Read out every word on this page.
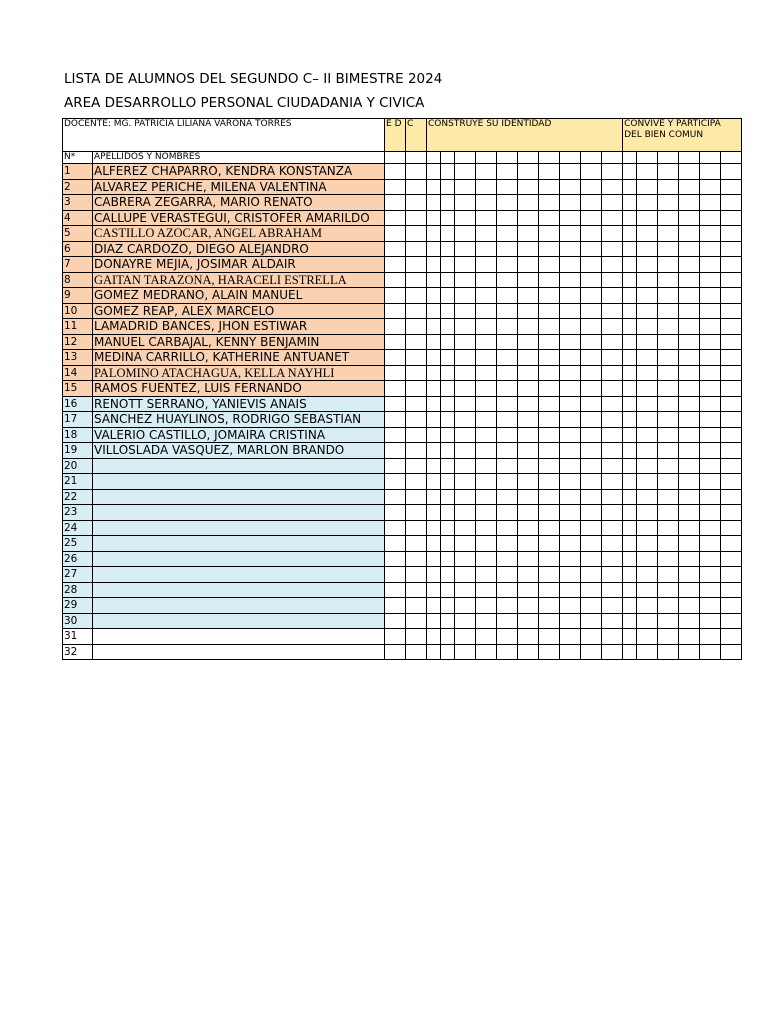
LISTA DE ALUMNOS DEL SEGUNDO C– II BIMESTRE 2024
AREA DESARROLLO PERSONAL CIUDADANIA Y CIVICA
DOCENTE: MG. PATRICIA LILIANA VARONA TORRES		E D	C	CONSTRUYE SU IDENTIDAD										CONVIVE Y PARTICIPA
DEL BIEN COMUN					
N*	APELLIDOS Y NOMBRES																		
1	ALFEREZ CHAPARRO, KENDRA KONSTANZA																		
2	ALVAREZ PERICHE, MILENA VALENTINA																		
3	CABRERA ZEGARRA, MARIO RENATO																		
4	CALLUPE VERASTEGUI, CRISTOFER AMARILDO																		
5	CASTILLO AZOCAR, ANGEL ABRAHAM																		
6	DIAZ CARDOZO, DIEGO ALEJANDRO																		
7	DONAYRE MEJIA, JOSIMAR ALDAIR																		
8	GAITAN TARAZONA, HARACELI ESTRELLA																		
9	GOMEZ MEDRANO, ALAIN MANUEL																		
10	GOMEZ REAP, ALEX MARCELO																		
11	LAMADRID BANCES, JHON ESTIWAR																		
12	MANUEL CARBAJAL, KENNY BENJAMIN																		
13	MEDINA CARRILLO, KATHERINE ANTUANET																		
14	PALOMINO ATACHAGUA, KELLA NAYHLI																		
15	RAMOS FUENTEZ, LUIS FERNANDO																		
16	RENOTT SERRANO, YANIEVIS ANAIS																		
17	SANCHEZ HUAYLINOS, RODRIGO SEBASTIAN																		
18	VALERIO CASTILLO, JOMAIRA CRISTINA																		
19	VILLOSLADA VASQUEZ, MARLON BRANDO																		
20																			
21																			
22																			
23																			
24																			
25																			
26																			
27																			
28																			
29																			
30																			
31																			
32																			
